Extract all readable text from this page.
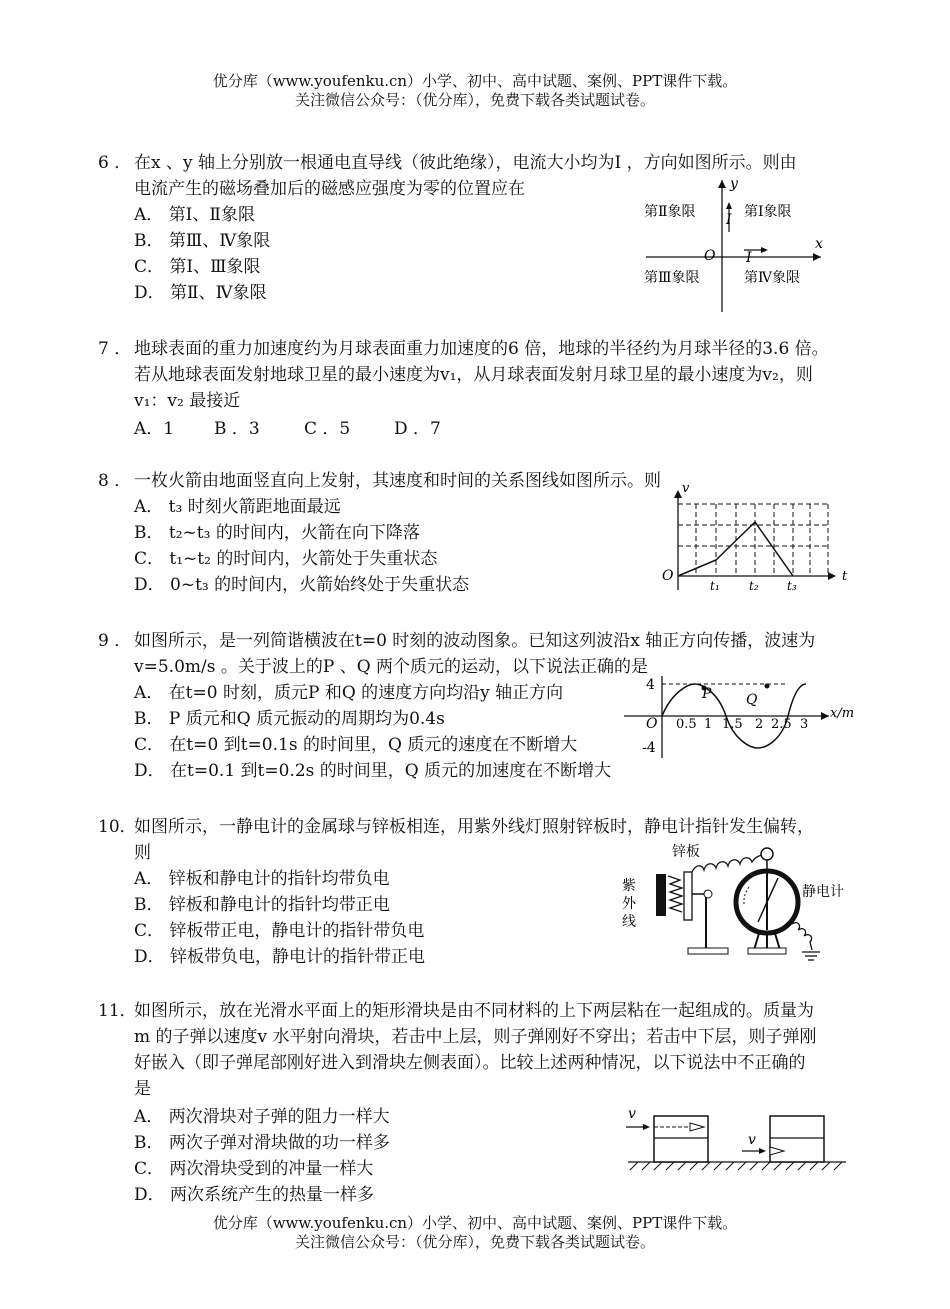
优分库（www.youfenku.cn）小学、初中、高中试题、案例、PPT课件下载。
关注微信公众号：（优分库），免费下载各类试题试卷。
6 ． 在x 、y 轴上分别放一根通电直导线（彼此绝缘），电流大小均为I ，方向如图所示。则由
电流产生的磁场叠加后的磁感应强度为零的位置应在
A． 第Ⅰ、Ⅱ象限
B． 第Ⅲ、Ⅳ象限
C． 第Ⅰ、Ⅲ象限
D． 第Ⅱ、Ⅳ象限
第Ⅱ象限	第Ⅰ象限
第Ⅲ象限	第Ⅳ象限
y
x
O
I
I
7 ． 地球表面的重力加速度约为月球表面重力加速度的6 倍，地球的半径约为月球半径的3.6 倍。
若从地球表面发射地球卫星的最小速度为v₁，从月球表面发射月球卫星的最小速度为v₂，则
v₁：v₂ 最接近
A．1 B ．3	C ．5	D ．7
8 ． 一枚火箭由地面竖直向上发射，其速度和时间的关系图线如图所示。则
A． t₃ 时刻火箭距地面最远
B． t₂~t₃ 的时间内，火箭在向下降落
C． t₁~t₂ 的时间内，火箭处于失重状态
D． 0~t₃ 的时间内，火箭始终处于失重状态
v
t
O
t₁ t₂ t₃
9 ． 如图所示，是一列简谐横波在t=0 时刻的波动图象。已知这列波沿x 轴正方向传播，波速为
v=5.0m/s 。关于波上的P 、Q 两个质元的运动，以下说法正确的是
A． 在t=0 时刻，质元P 和Q 的速度方向均沿y 轴正方向
B． P 质元和Q 质元振动的周期均为0.4s
C． 在t=0 到t=0.1s 的时间里，Q 质元的速度在不断增大
D． 在t=0.1 到t=0.2s 的时间里，Q 质元的加速度在不断增大
4
-4
O 0.5 1 1.5 2 2.5 3
x/m
P Q
10．
如图所示，一静电计的金属球与锌板相连，用紫外线灯照射锌板时，静电计指针发生偏转，
则
A． 锌板和静电计的指针均带负电
B． 锌板和静电计的指针均带正电
C． 锌板带正电，静电计的指针带负电
D． 锌板带负电，静电计的指针带正电
锌板
紫
外
线
静电计
11．
如图所示，放在光滑水平面上的矩形滑块是由不同材料的上下两层粘在一起组成的。质量为
m 的子弹以速度v 水平射向滑块，若击中上层，则子弹刚好不穿出；若击中下层，则子弹刚
好嵌入（即子弹尾部刚好进入到滑块左侧表面）。比较上述两种情况，以下说法中不正确的
是
A． 两次滑块对子弹的阻力一样大
B． 两次子弹对滑块做的功一样多
C． 两次滑块受到的冲量一样大
D． 两次系统产生的热量一样多
v
v
优分库（www.youfenku.cn）小学、初中、高中试题、案例、PPT课件下载。
关注微信公众号：（优分库），免费下载各类试题试卷。
